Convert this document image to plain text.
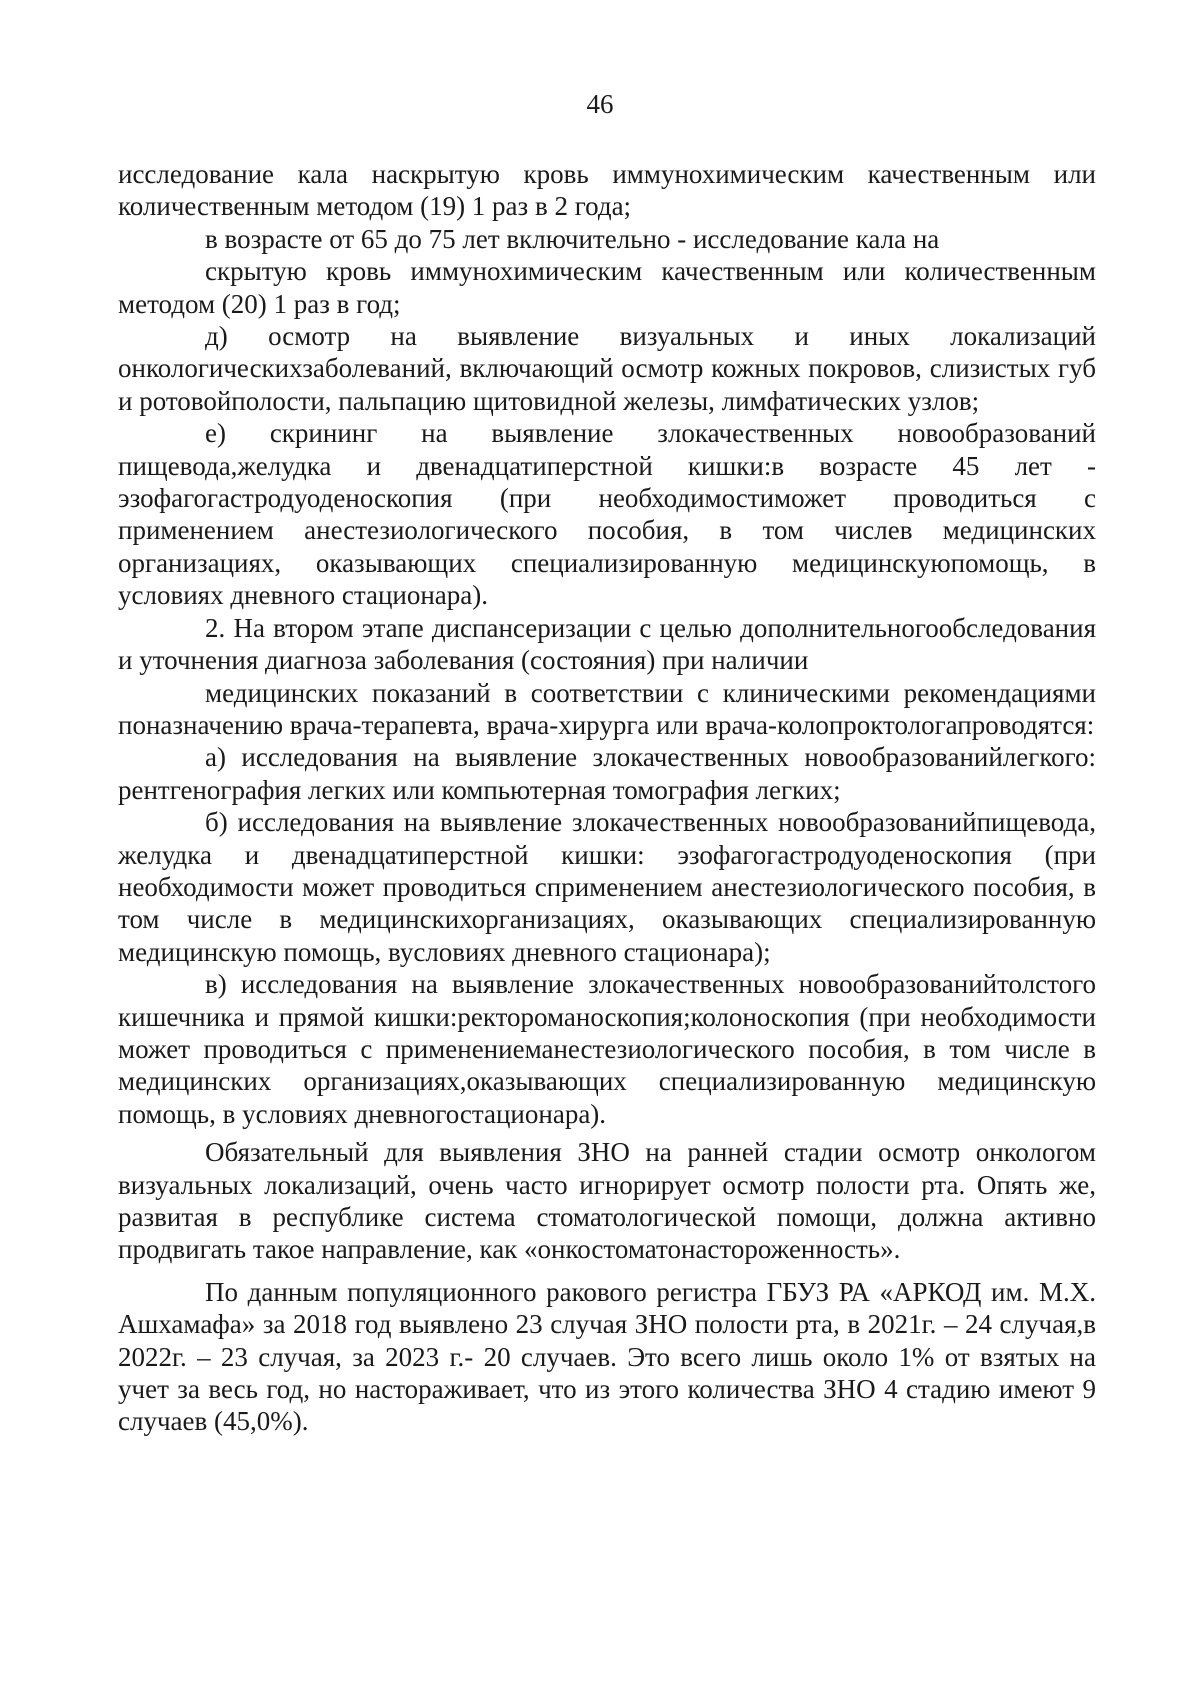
46

исследование кала наскрытую кровь иммунохимическим качественным или количественным методом (19) 1 раз в 2 года;

в возрасте от 65 до 75 лет включительно - исследование кала на

скрытую кровь иммунохимическим качественным или количественным методом (20) 1 раз в год;

д) осмотр на выявление визуальных и иных локализаций онкологическихзаболеваний, включающий осмотр кожных покровов, слизистых губ и ротовойполости, пальпацию щитовидной железы, лимфатических узлов;

е) скрининг на выявление злокачественных новообразований пищевода,желудка и двенадцатиперстной кишки:в возрасте 45 лет - эзофагогастродуоденоскопия (при необходимостиможет проводиться с применением анестезиологического пособия, в том числев медицинских организациях, оказывающих специализированную медицинскуюпомощь, в условиях дневного стационара).

2. На втором этапе диспансеризации с целью дополнительногообследования и уточнения диагноза заболевания (состояния) при наличии

медицинских показаний в соответствии с клиническими рекомендациями поназначению врача-терапевта, врача-хирурга или врача-колопроктологапроводятся:

а) исследования на выявление злокачественных новообразованийлегкого: рентгенография легких или компьютерная томография легких;

б) исследования на выявление злокачественных новообразованийпищевода, желудка и двенадцатиперстной кишки: эзофагогастродуоденоскопия (при необходимости может проводиться сприменением анестезиологического пособия, в том числе в медицинскихорганизациях, оказывающих специализированную медицинскую помощь, вусловиях дневного стационара);

в) исследования на выявление злокачественных новообразованийтолстого кишечника и прямой кишки:ректороманоскопия;колоноскопия (при необходимости может проводиться с применениеманестезиологического пособия, в том числе в медицинских организациях,оказывающих специализированную медицинскую помощь, в условиях дневногостационара).

Обязательный для выявления ЗНО на ранней стадии осмотр онкологом визуальных локализаций, очень часто игнорирует осмотр полости рта. Опять же, развитая в республике система стоматологической помощи, должна активно продвигать такое направление, как «онкостоматонастороженность».

По данным популяционного ракового регистра ГБУЗ РА «АРКОД им. М.Х. Ашхамафа» за 2018 год выявлено 23 случая ЗНО полости рта, в 2021г. – 24 случая,в 2022г. – 23 случая, за 2023 г.- 20 случаев. Это всего лишь около 1% от взятых на учет за весь год, но настораживает, что из этого количества ЗНО 4 стадию имеют 9 случаев (45,0%).
